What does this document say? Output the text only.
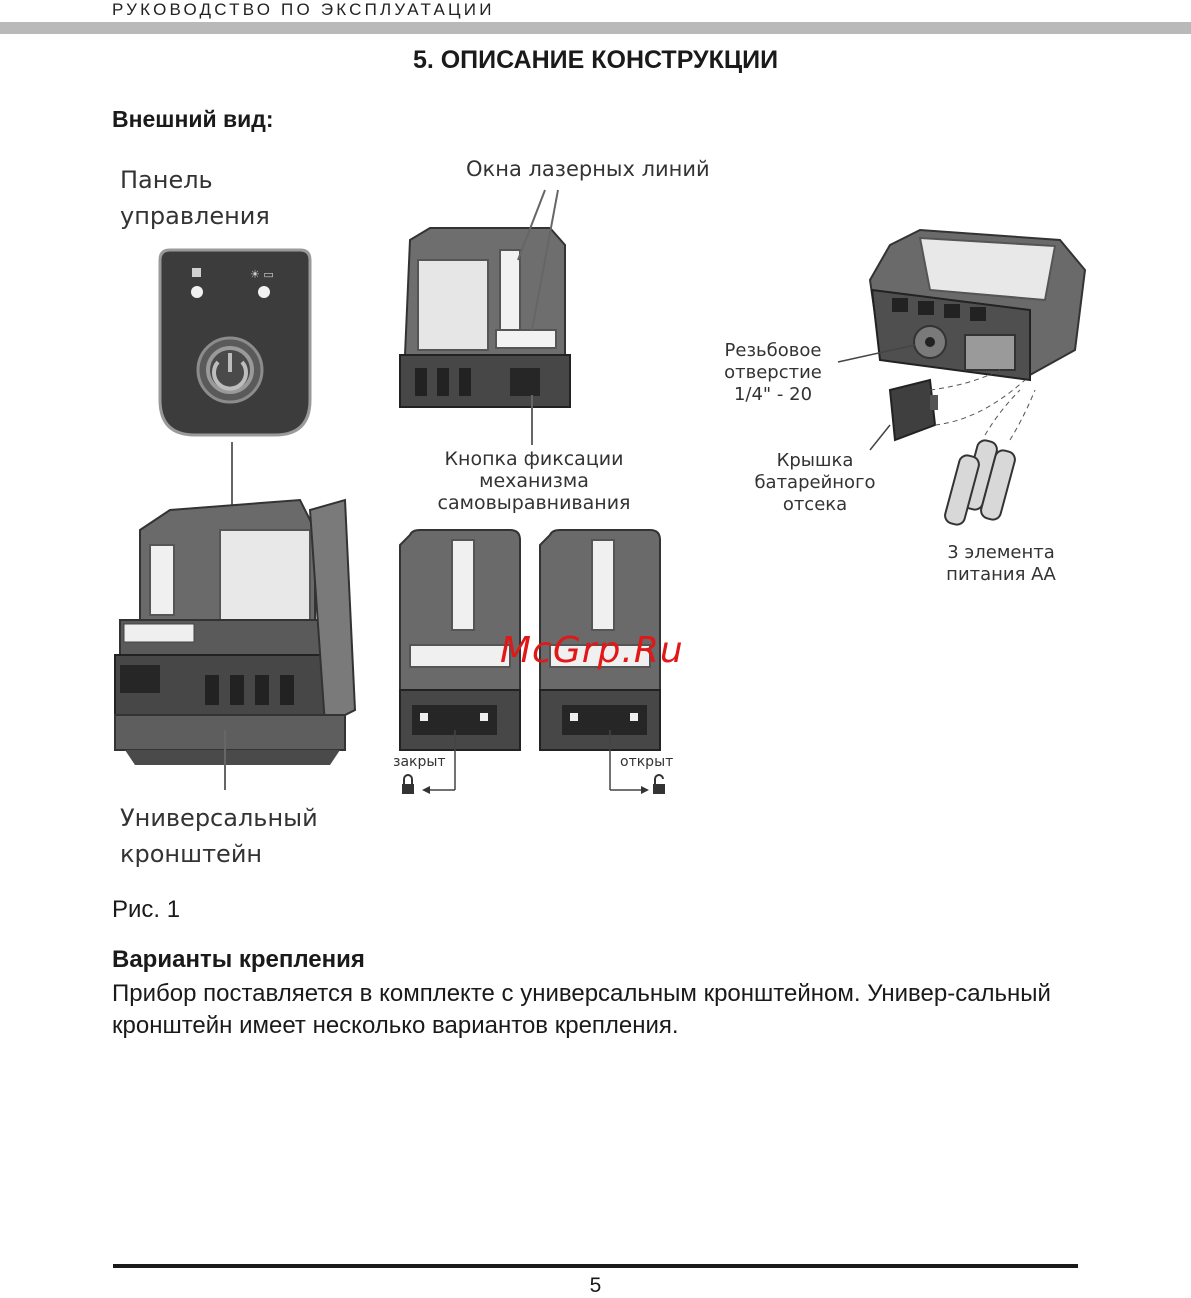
РУКОВОДСТВО ПО ЭКСПЛУАТАЦИИ
5. ОПИСАНИЕ КОНСТРУКЦИИ
Внешний вид:
☀ ▭
Панель
управления
Окна лазерных линий
Кнопка фиксации
механизма
самовыравнивания
Резьбовое
отверстие
1/4" - 20
Крышка
батарейного
отсека
3 элемента
питания АА
Универсальный
кронштейн
закрыт	открыт
McGrp.Ru
Рис. 1
Варианты крепления
Прибор поставляется в комплекте с универсальным кронштейном. Универ-сальный кронштейн имеет несколько вариантов крепления.
5
